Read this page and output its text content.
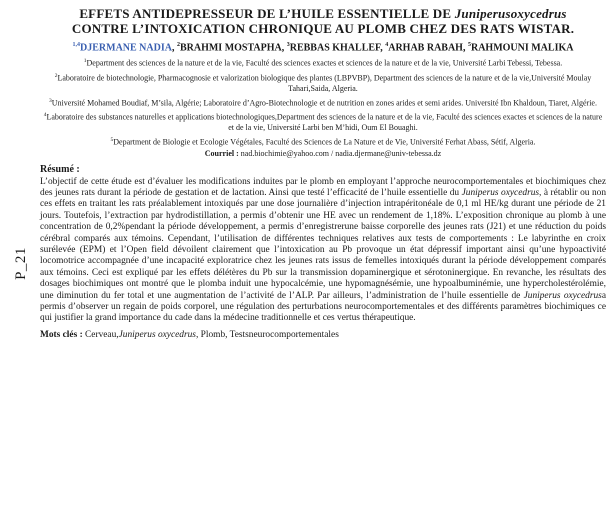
P_21
EFFETS ANTIDEPRESSEUR DE L’HUILE ESSENTIELLE DE Juniperusoxycedrus
CONTRE L’INTOXICATION CHRONIQUE AU PLOMB CHEZ DES RATS WISTAR.
$^{1,4}$DJERMANE NADIA, $^2$BRAHMI MOSTAPHA, $^3$REBBAS KHALLEF, $^4$ARHAB RABAH, $^5$RAHMOUNI MALIKA

$^1$Department des sciences de la nature et de la vie, Faculté des sciences exactes et sciences de la nature et de la vie, Université Larbi Tebessi, Tebessa.

$^2$Laboratoire de biotechnologie, Pharmacognosie et valorization biologique des plantes (LBPVBP), Department des sciences de la nature et de la vie,Université Moulay Tahari,Saida, Algeria.

$^3$Université Mohamed Boudiaf, M’sila, Algérie; Laboratoire d’Agro-Biotechnologie et de nutrition en zones arides et semi arides. Université Ibn Khaldoun, Tiaret, Algérie.

$^4$Laboratoire des substances naturelles et applications biotechnologiques,Department des sciences de la nature et de la vie, Faculté des sciences exactes et sciences de la nature et de la vie, Université Larbi ben M’hidi, Oum El Bouaghi.

$^5$Department de Biologie et Ecologie Végétales, Faculté des Sciences de La Nature et de Vie, Université Ferhat Abass, Sétif, Algeria.

Courriel : nad.biochimie@yahoo.com / nadia.djermane@univ-tebessa.dz
Résumé :
L’objectif de cette étude est d’évaluer les modifications induites par le plomb en employant l’approche neurocomportementales et biochimiques chez des jeunes rats durant la période de gestation et de lactation. Ainsi que testé l’efficacité de l’huile essentielle du Juniperus oxycedrus, à rétablir ou non ces effets en traitant les rats préalablement intoxiqués par une dose journalière d’injection intrapéritonéale de 0,1 ml HE/kg durant une période de 21 jours. Toutefois, l’extraction par hydrodistillation, a permis d’obtenir une HE avec un rendement de 1,18%. L’exposition chronique au plomb à une concentration de 0,2%pendant la période développement, a permis d’enregistrerune baisse corporelle des jeunes rats (J21) et une réduction du poids cérébral comparés aux témoins. Cependant, l’utilisation de différentes techniques relatives aux tests de comportements : Le labyrinthe en croix surélevée (EPM) et l’Open field dévoilent clairement que l’intoxication au Pb provoque un état dépressif important ainsi qu’une hypoactivité locomotrice accompagnée d’une incapacité exploratrice chez les jeunes rats issus de femelles intoxiqués durant la période développement comparés aux témoins. Ceci est expliqué par les effets délétères du Pb sur la transmission dopaminergique et sérotoninergique. En revanche, les résultats des dosages biochimiques ont montré que le plomba induit une hypocalcémie, une hypomagnésémie, une hypoalbuminémie, une hypercholestérolémie, une diminution du fer total et une augmentation de l’activité de l’ALP. Par ailleurs, l’administration de l’huile essentielle de Juniperus oxycedrusa permis d’observer un regain de poids corporel, une régulation des perturbations neurocomportementales et des différents paramètres biochimiques ce qui justifier la grand importance du cade dans la médecine traditionnelle et ces vertus thérapeutique.
Mots clés : Cerveau,Juniperus oxycedrus, Plomb, Testsneurocomportementales
